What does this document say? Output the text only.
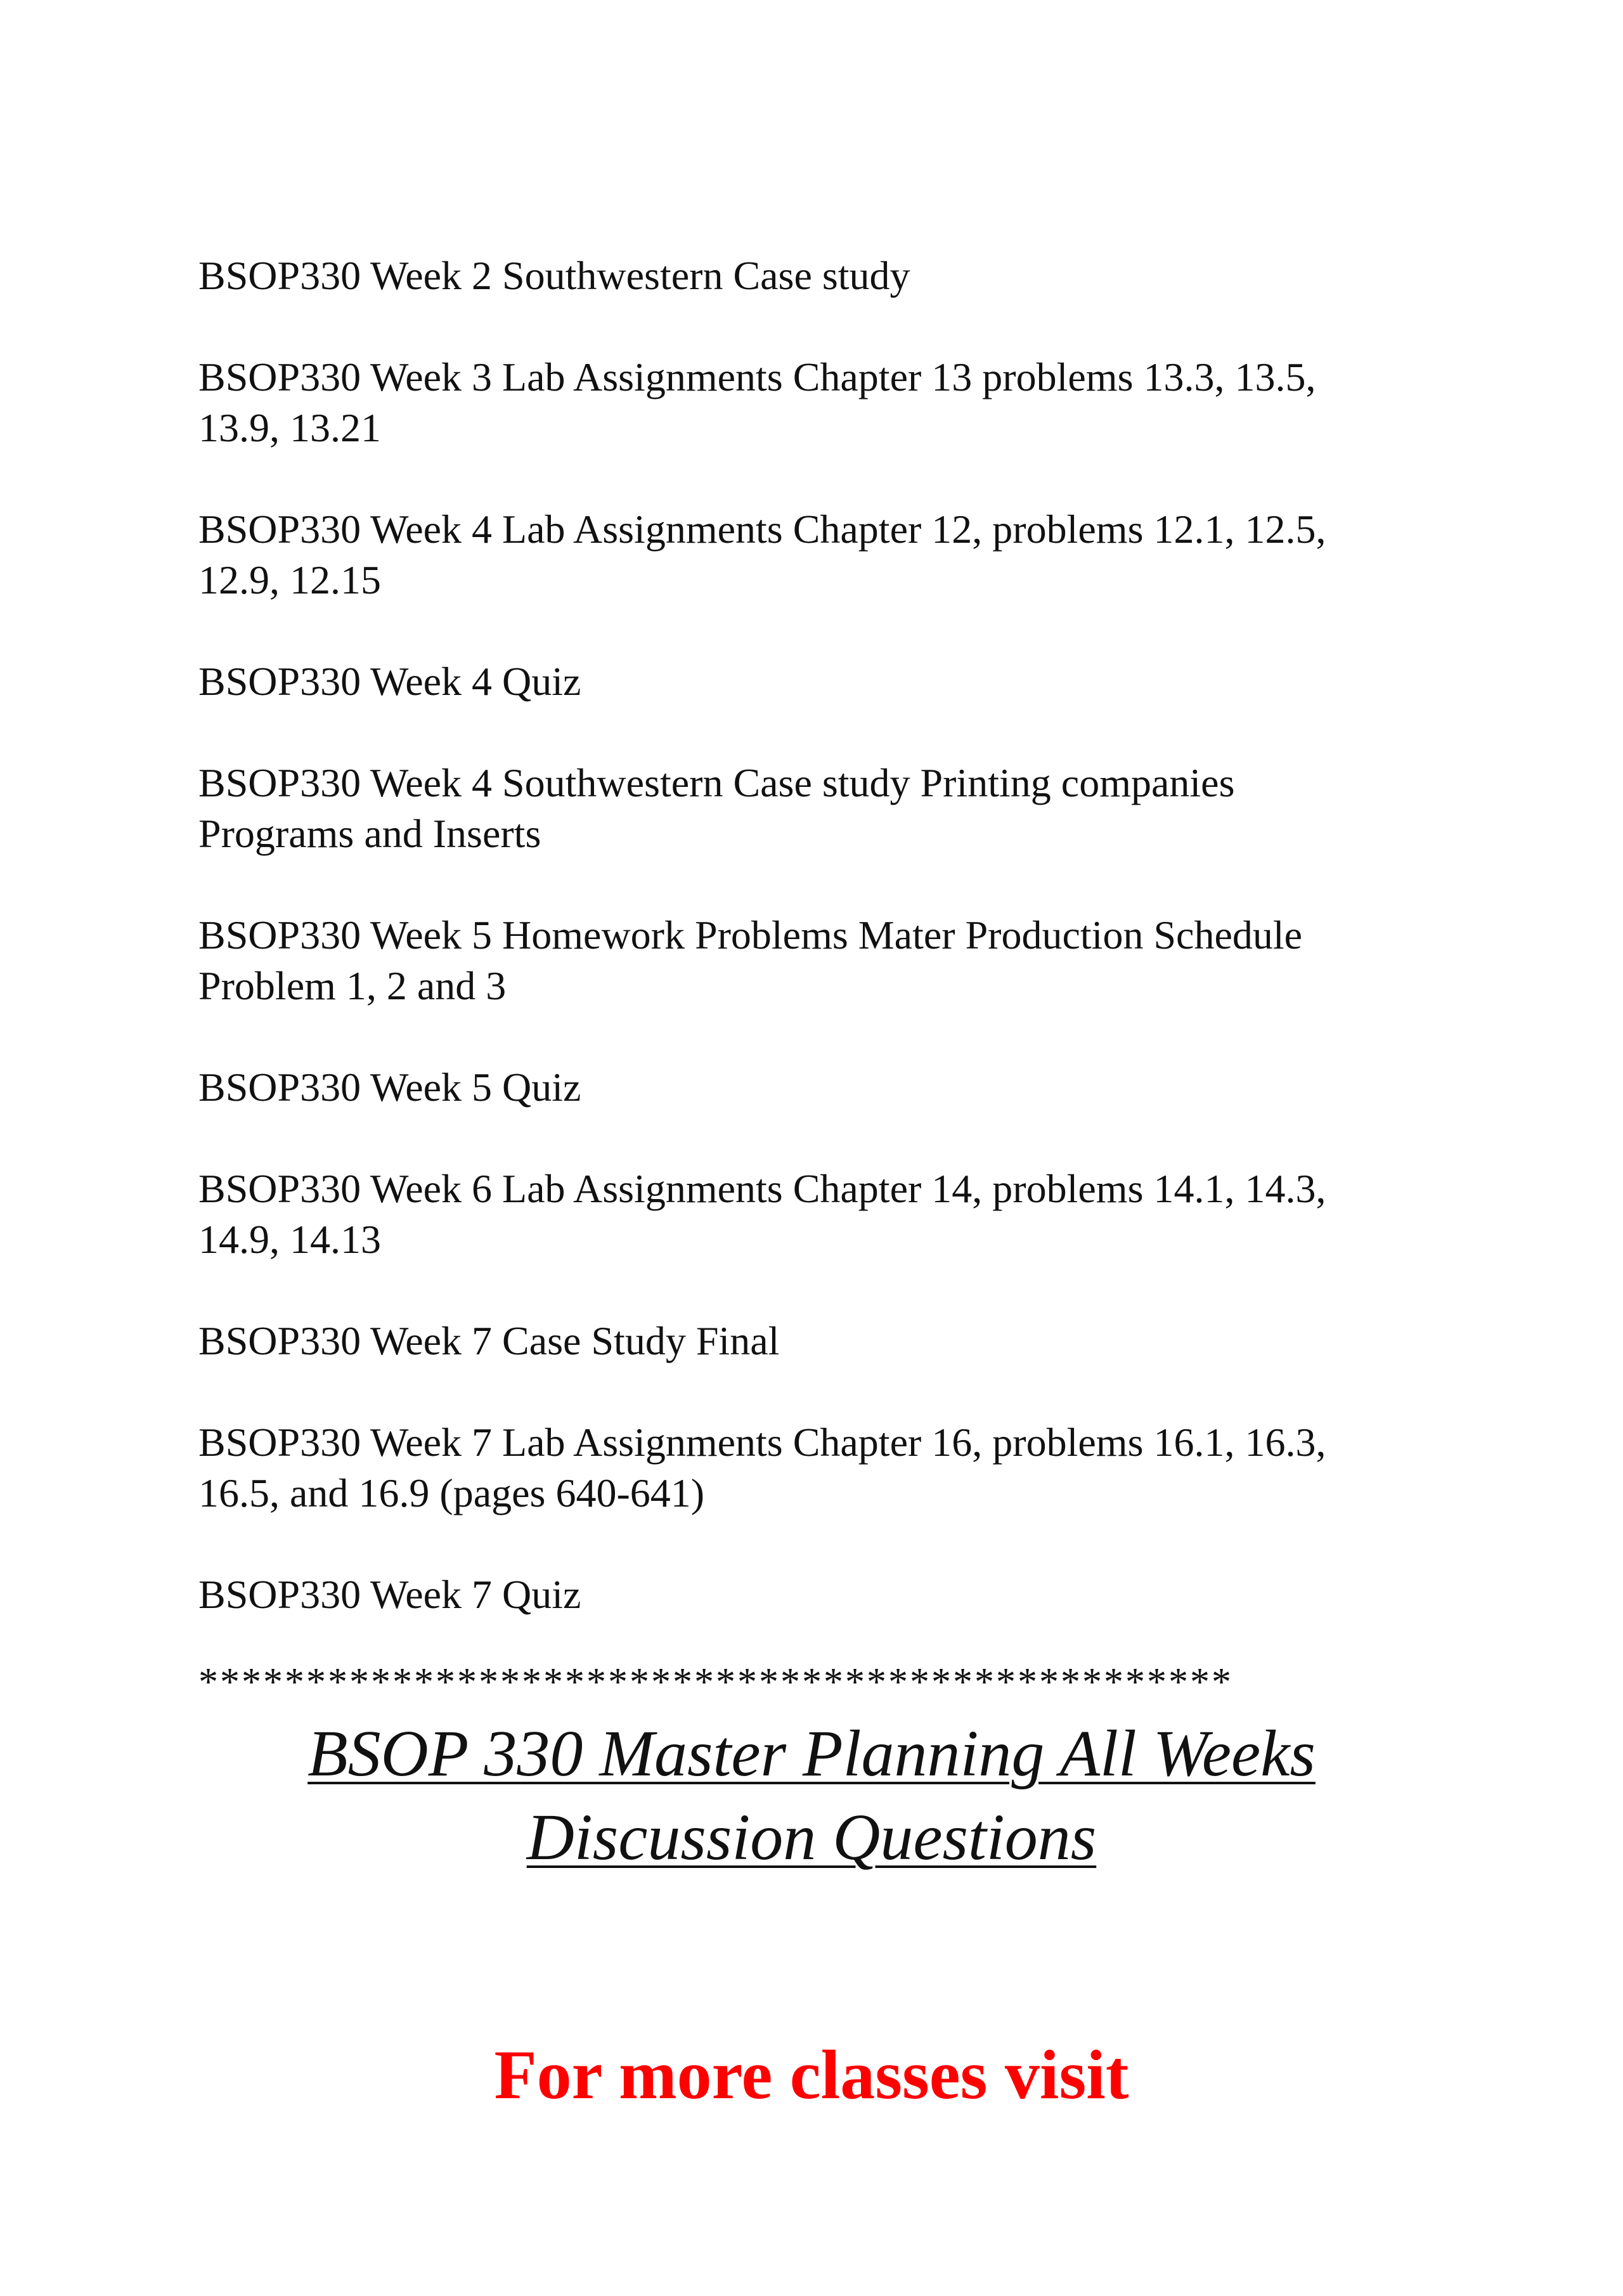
BSOP330 Week 2 Southwestern Case study

BSOP330 Week 3 Lab Assignments Chapter 13 problems 13.3, 13.5,
13.9, 13.21

BSOP330 Week 4 Lab Assignments Chapter 12, problems 12.1, 12.5,
12.9, 12.15

BSOP330 Week 4 Quiz

BSOP330 Week 4 Southwestern Case study Printing companies
Programs and Inserts

BSOP330 Week 5 Homework Problems Mater Production Schedule
Problem 1, 2 and 3

BSOP330 Week 5 Quiz

BSOP330 Week 6 Lab Assignments Chapter 14, problems 14.1, 14.3,
14.9, 14.13

BSOP330 Week 7 Case Study Final

BSOP330 Week 7 Lab Assignments Chapter 16, problems 16.1, 16.3,
16.5, and 16.9 (pages 640-641)

BSOP330 Week 7 Quiz

************************************************
BSOP 330 Master Planning All Weeks
Discussion Questions
For more classes visit
